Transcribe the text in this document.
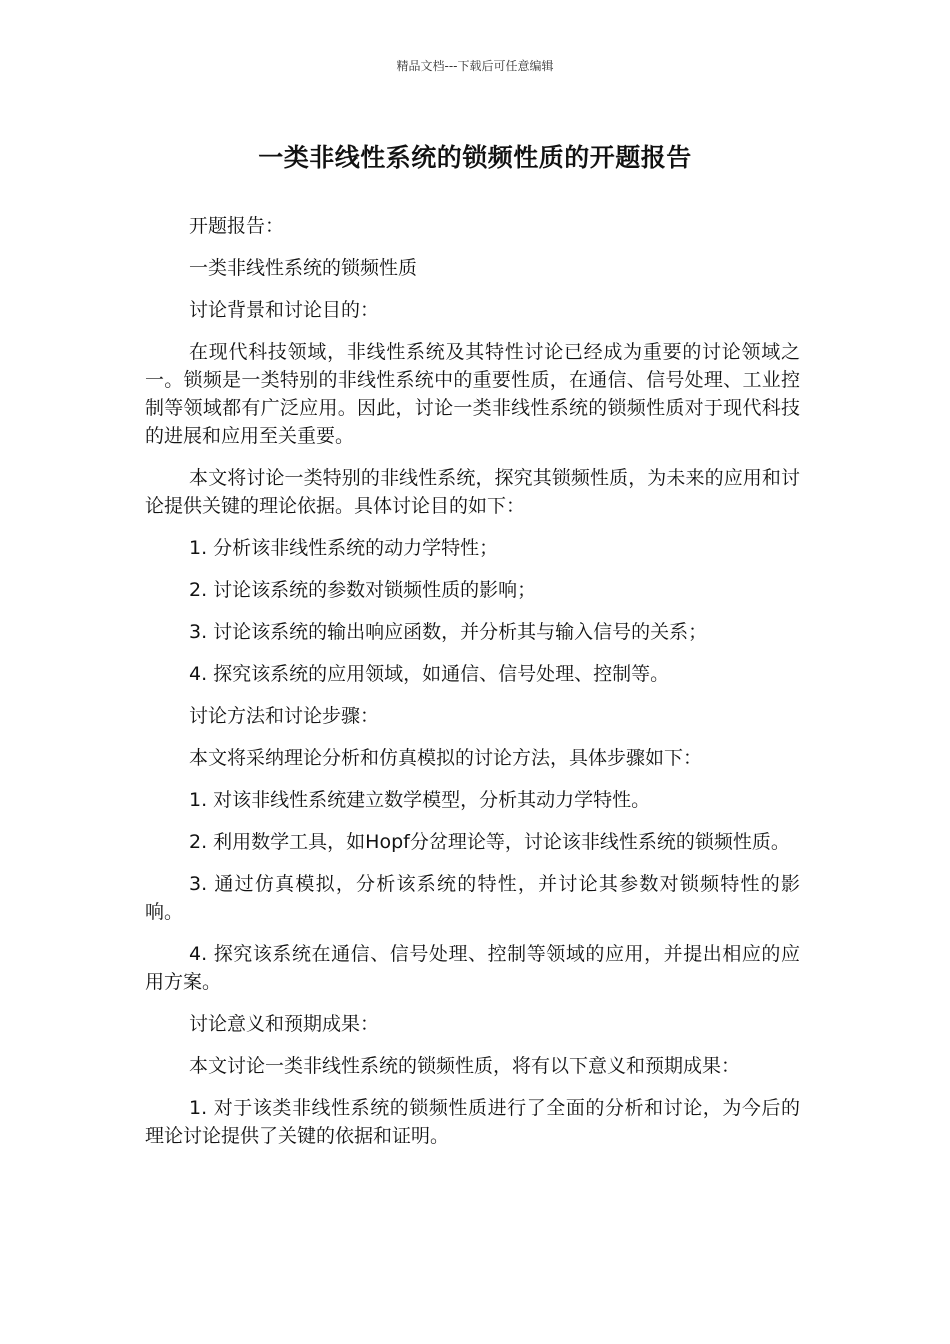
精品文档---下载后可任意编辑
一类非线性系统的锁频性质的开题报告

开题报告：

一类非线性系统的锁频性质

讨论背景和讨论目的：

在现代科技领域，非线性系统及其特性讨论已经成为重要的讨论领域之一。锁频是一类特别的非线性系统中的重要性质，在通信、信号处理、工业控制等领域都有广泛应用。因此，讨论一类非线性系统的锁频性质对于现代科技的进展和应用至关重要。

本文将讨论一类特别的非线性系统，探究其锁频性质，为未来的应用和讨论提供关键的理论依据。具体讨论目的如下：

1. 分析该非线性系统的动力学特性；

2. 讨论该系统的参数对锁频性质的影响；

3. 讨论该系统的输出响应函数，并分析其与输入信号的关系；

4. 探究该系统的应用领域，如通信、信号处理、控制等。

讨论方法和讨论步骤：

本文将采纳理论分析和仿真模拟的讨论方法，具体步骤如下：

1. 对该非线性系统建立数学模型，分析其动力学特性。

2. 利用数学工具，如Hopf分岔理论等，讨论该非线性系统的锁频性质。

3. 通过仿真模拟，分析该系统的特性，并讨论其参数对锁频特性的影响。

4. 探究该系统在通信、信号处理、控制等领域的应用，并提出相应的应用方案。

讨论意义和预期成果：

本文讨论一类非线性系统的锁频性质，将有以下意义和预期成果：

1. 对于该类非线性系统的锁频性质进行了全面的分析和讨论，为今后的理论讨论提供了关键的依据和证明。
